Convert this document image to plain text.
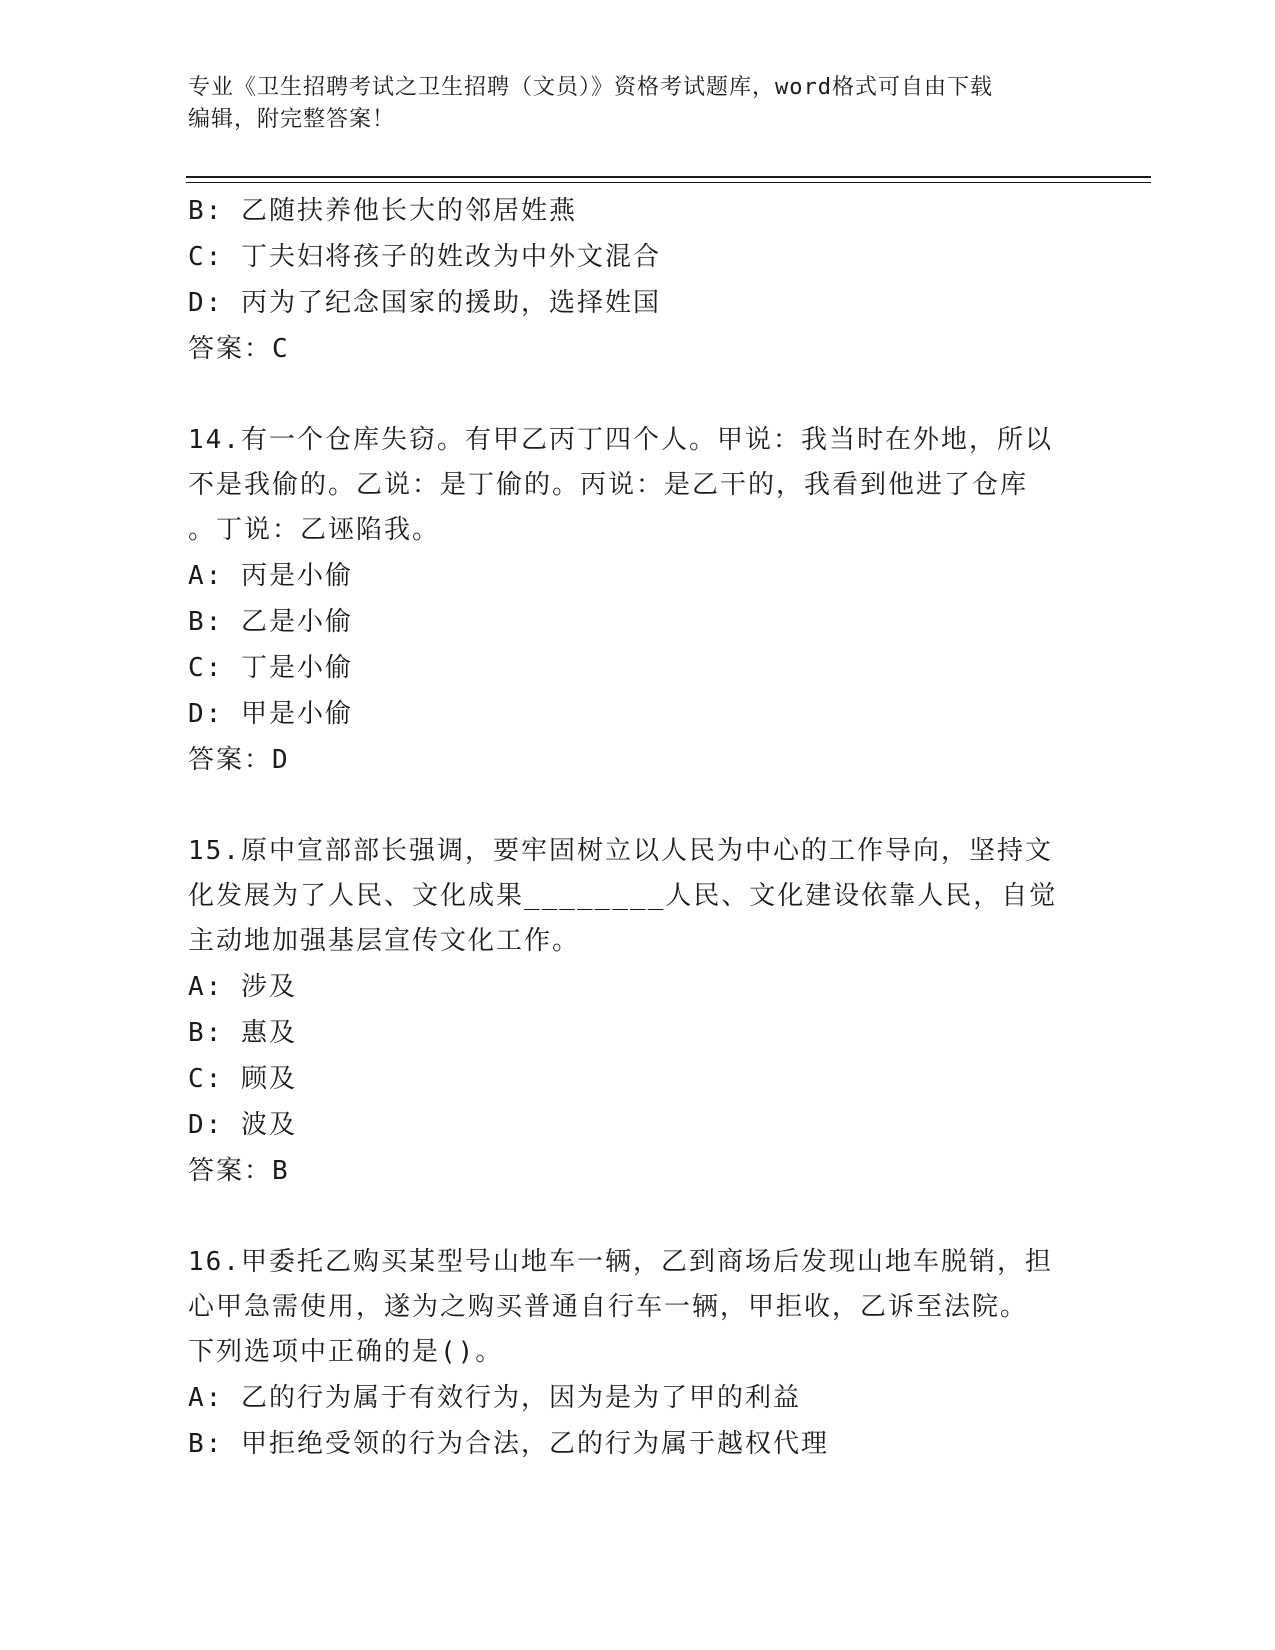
专业《卫生招聘考试之卫生招聘（文员）》资格考试题库，word格式可自由下载
编辑，附完整答案！
B: 乙随扶养他长大的邻居姓燕
C: 丁夫妇将孩子的姓改为中外文混合
D: 丙为了纪念国家的援助，选择姓国
答案：C
14.有一个仓库失窃。有甲乙丙丁四个人。甲说：我当时在外地，所以
不是我偷的。乙说：是丁偷的。丙说：是乙干的，我看到他进了仓库
。丁说：乙诬陷我。
A: 丙是小偷
B: 乙是小偷
C: 丁是小偷
D: 甲是小偷
答案：D
15.原中宣部部长强调，要牢固树立以人民为中心的工作导向，坚持文
化发展为了人民、文化成果________人民、文化建设依靠人民，自觉
主动地加强基层宣传文化工作。
A: 涉及
B: 惠及
C: 顾及
D: 波及
答案：B
16.甲委托乙购买某型号山地车一辆，乙到商场后发现山地车脱销，担
心甲急需使用，遂为之购买普通自行车一辆，甲拒收，乙诉至法院。
下列选项中正确的是()。
A: 乙的行为属于有效行为，因为是为了甲的利益
B: 甲拒绝受领的行为合法，乙的行为属于越权代理
